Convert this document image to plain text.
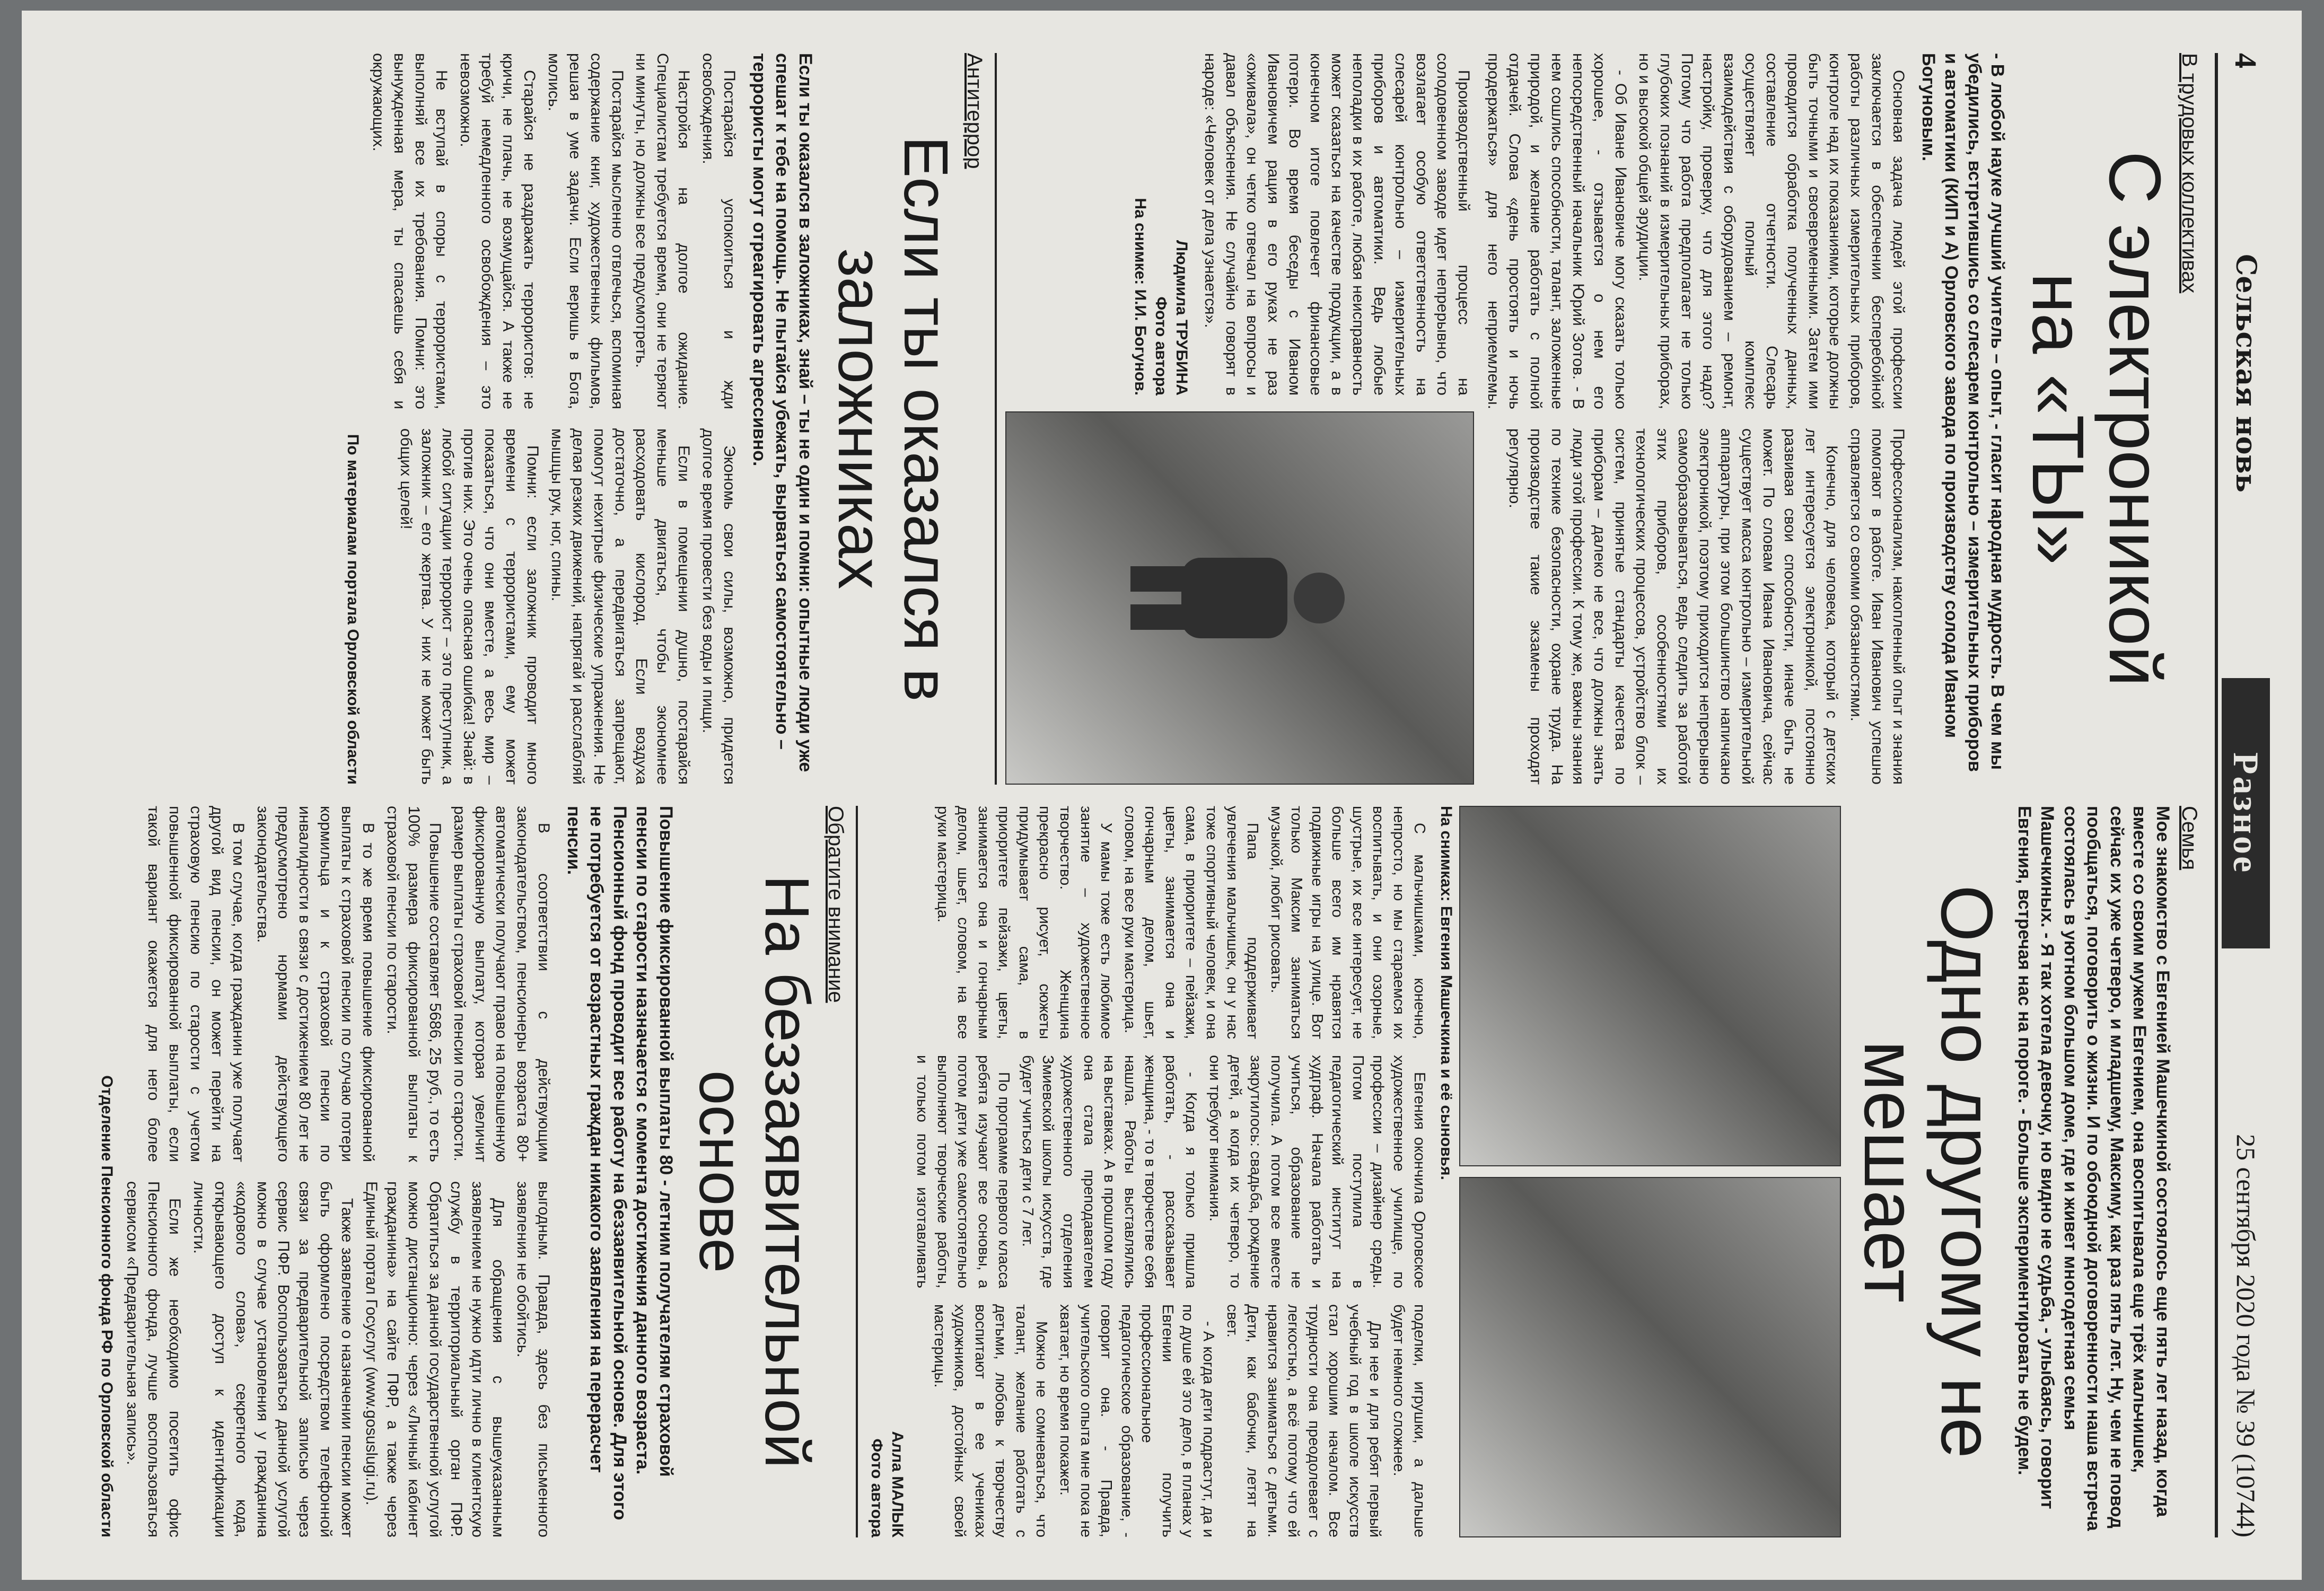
4
Сельская новь
Разное
25 сентября 2020 года № 39 (10744)
В трудовых коллективах
С электроникой
на «ТЫ»
- В любой науке лучший учитель – опыт, - гласит народная мудрость. В чем мы убедились, встретившись со слесарем контрольно – измерительных приборов и автоматики (КИП и А) Орловского завода по производству солода Иваном Богуновым.

Основная задача людей этой профессии заключается в обеспечении бесперебойной работы различных измерительных приборов, контроле над их показаниями, которые должны быть точными и своевременными. Затем ими проводится обработка полученных данных, составление отчетности. Слесарь осуществляет полный комплекс взаимодействия с оборудованием – ремонт, настройку, проверку, что для этого надо? Потому что работа предполагает не только глубоких познаний в измерительных приборах, но и высокой общей эрудиции.

- Об Иване Ивановиче могу сказать только хорошее, - отзывается о нем его непосредственный начальник Юрий Зотов. - В нем сошлись способности, талант, заложенные природой, и желание работать с полной отдачей. Слова «день простоять и ночь продержаться» для него неприемлемы. Профессионализм, накопленный опыт и знания помогают в работе. Иван Иванович успешно справляется со своими обязанностями.

Конечно, для человека, который с детских лет интересуется электроникой, постоянно развивая свои способности, иначе быть не может. По словам Ивана Ивановича, сейчас существует масса контрольно – измерительной аппаратуры, при этом большинство напичкано электроникой, поэтому приходится непрерывно самообразовываться, ведь следить за работой этих приборов, особенностями их технологических процессов, устройство блок – систем, принятые стандарты качества по приборам – далеко не все, что должны знать люди этой профессии. К тому же, важны знания по технике безопасности, охране труда. На производстве такие экзамены проходят регулярно.

Производственный процесс на солодовенном заводе идет непрерывно, что возлагает особую ответственность на слесарей контрольно – измерительных приборов и автоматики. Ведь любые неполадки в их работе, любая неисправность может сказаться на качестве продукции, а в конечном итоге повлечет финансовые потери. Во время беседы с Иваном Ивановичем рация в его руках не раз «оживала», он четко отвечал на вопросы и давал объяснения. Не случайно говорят в народе: «Человек от дела узнается».

Людмила ТРУБИНА
Фото автора
На снимке: И.И. Богунов.
Антитеррор
Если ты оказался в заложниках
Если ты оказался в заложниках, знай – ты не один и помни: опытные люди уже спешат к тебе на помощь. Не пытайся убежать, вырваться самостоятельно – террористы могут отреагировать агрессивно.

Постарайся успокоиться и жди освобождения.

Настройся на долгое ожидание. Специалистам требуется время, они не теряют ни минуты, но должны все предусмотреть.

Постарайся мысленно отвлечься, вспоминая содержание книг, художественных фильмов, решая в уме задачи. Если веришь в Бога, молись.

Старайся не раздражать террористов: не кричи, не плачь, не возмущайся. А также не требуй немедленного освобождения – это невозможно.

Не вступай в споры с террористами, выполняй все их требования. Помни: это вынужденная мера, ты спасаешь себя и окружающих.

Экономь свои силы, возможно, придется долгое время провести без воды и пищи.

Если в помещении душно, постарайся меньше двигаться, чтобы экономнее расходовать кислород. Если воздуха достаточно, а передвигаться запрещают, помогут нехитрые физические упражнения. Не делая резких движений, напрягай и расслабляй мышцы рук, ног, спины.

Помни: если заложник проводит много времени с террористами, ему может показаться, что они вместе, а весь мир – против них. Это очень опасная ошибка! Знай: в любой ситуации террорист – это преступник, а заложник – его жертва. У них не может быть общих целей!

По материалам портала Орловской области
Семья
Мое знакомство с Евгенией Машечкиной состоялось еще пять лет назад, когда вместе со своим мужем Евгением, она воспитывала еще трёх мальчишек, сейчас их уже четверо, и младшему, Максиму, как раз пять лет. Ну, чем не повод пообщаться, поговорить о жизни. И по обоюдной договоренности наша встреча состоялась в уютном большом доме, где и живет многодетная семья Машечкиных. - Я так хотела девочку, но видно не судьба, - улыбаясь, говорит Евгения, встречая нас на пороге. - Больше экспериментировать не будем.
Одно другому не мешает
На снимках: Евгения Машечкина и её сыновья.

С мальчишками, конечно, непросто, но мы стараемся их воспитывать, и они озорные, шустрые, их все интересует, не больше всего им нравятся подвижные игры на улице. Вот только Максим заниматься музыкой, любит рисовать.

Папа поддерживает увлечения мальчишек, он у нас тоже спортивный человек, и она сама, в приоритете – пейзажи, цветы, занимается она и гончарным делом, шьет, словом, на все руки мастерица.

У мамы тоже есть любимое занятие – художественное творчество. Женщина прекрасно рисует, сюжеты придумывает сама, в приоритете пейзажи, цветы, занимается она и гончарным делом, шьет, словом, на все руки мастерица.

Евгения окончила Орловское художественное училище, по профессии – дизайнер среды. Потом поступила в педагогический институт на худграф. Начала работать и учиться, образование не получила. А потом все вместе закрутилось: свадьба, рождение детей, а когда их четверо, то они требуют внимания.

- Когда я только пришла работать, - рассказывает женщина, - то в творчестве себя нашла. Работы выставлялись на выставках. А в прошлом году она стала преподавателем художественного отделения Змиевской школы искусств, где будет учиться дети с 7 лет.

По программе первого класса ребята изучают все основы, а потом дети уже самостоятельно выполняют творческие работы, и только потом изготавливать поделки, игрушки, а дальше будет немного сложнее.

Для нее и для ребят первый учебный год в школе искусств стал хорошим началом. Все трудности она преодолевает с легкостью, а всё потому что ей нравится заниматься с детьми. Дети, как бабочки, летят на свет.

- А когда дети подрастут, да и по душе ей это дело, в планах у Евгении получить профессиональное педагогическое образование, - говорит она. - Правда, учительского опыта мне пока не хватает, но время покажет.

Можно не сомневаться, что талант, желание работать с детьми, любовь к творчеству воспитают в ее учениках художников, достойных своей мастерицы.

Алла МАЛЫК
Фото автора
Обратите внимание
На беззаявительной основе
Повышение фиксированной выплаты 80 - летним получателям страховой пенсии по старости назначается с момента достижения данного возраста. Пенсионный фонд проводит все работу на беззаявительной основе. Для этого не потребуется от возрастных граждан никакого заявления на перерасчет пенсии.

В соответствии с действующим законодательством, пенсионеры возраста 80+ автоматически получают право на повышенную фиксированную выплату, которая увеличит размер выплаты страховой пенсии по старости.

Повышение составляет 5686, 25 руб., то есть 100% размера фиксированной выплаты к страховой пенсии по старости.

В то же время повышение фиксированной выплаты к страховой пенсии по случаю потери кормильца и к страховой пенсии по инвалидности в связи с достижением 80 лет не предусмотрено нормами действующего законодательства.

В том случае, когда гражданин уже получает другой вид пенсии, он может перейти на страховую пенсию по старости с учетом повышенной фиксированной выплаты, если такой вариант окажется для него более выгодным. Правда, здесь без письменного заявления не обойтись.

Для обращения с вышеуказанным заявлением не нужно идти лично в клиентскую службу в территориальный орган ПФР. Обратиться за данной государственной услугой можно дистанционно: через «Личный кабинет гражданина» на сайте ПФР, а также через Единый портал Госуслуг (www.gosuslugi.ru).

Также заявление о назначении пенсии может быть оформлено посредством телефонной связи за предварительной записью через сервис ПФР. Воспользоваться данной услугой можно в случае установления у гражданина «кодового слова», секретного кода, открывающего доступ к идентификации личности.

Если же необходимо посетить офис Пенсионного фонда, лучше воспользоваться сервисом «Предварительная запись».

Отделение Пенсионного фонда РФ по Орловской области
